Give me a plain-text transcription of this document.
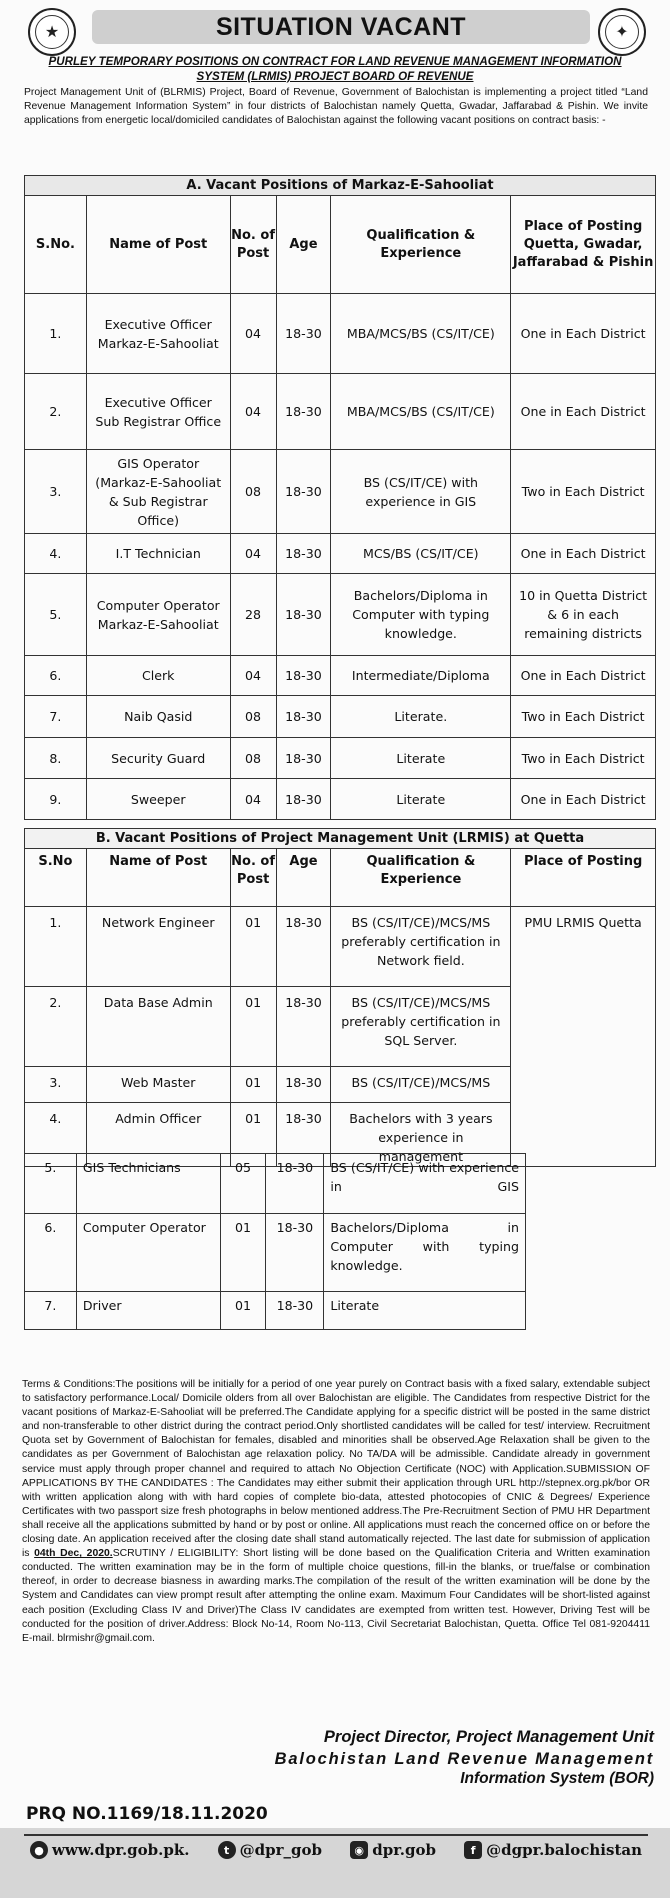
★	SITUATION VACANT	✦
PURLEY TEMPORARY POSITIONS ON CONTRACT FOR LAND REVENUE MANAGEMENT INFORMATION SYSTEM (LRMIS) PROJECT BOARD OF REVENUE
Project Management Unit of (BLRMIS) Project, Board of Revenue, Government of Balochistan is implementing a project titled “Land Revenue Management Information System” in four districts of Balochistan namely Quetta, Gwadar, Jaffarabad & Pishin. We invite applications from energetic local/domiciled candidates of Balochistan against the following vacant positions on contract basis: -
A. Vacant Positions of Markaz-E-Sahooliat					
S.No.	Name of Post	No. of Post	Age	Qualification & Experience	Place of Posting Quetta, Gwadar, Jaffarabad & Pishin
1.	Executive Officer Markaz-E-Sahooliat	04	18-30	MBA/MCS/BS (CS/IT/CE)	One in Each District
2.	Executive Officer Sub Registrar Office	04	18-30	MBA/MCS/BS (CS/IT/CE)	One in Each District
3.	GIS Operator (Markaz-E-Sahooliat & Sub Registrar Office)	08	18-30	BS (CS/IT/CE) with experience in GIS	Two in Each District
4.	I.T Technician	04	18-30	MCS/BS (CS/IT/CE)	One in Each District
5.	Computer Operator Markaz-E-Sahooliat	28	18-30	Bachelors/Diploma in Computer with typing knowledge.	10 in Quetta District & 6 in each remaining districts
6.	Clerk	04	18-30	Intermediate/Diploma	One in Each District
7.	Naib Qasid	08	18-30	Literate.	Two in Each District
8.	Security Guard	08	18-30	Literate	Two in Each District
9.	Sweeper	04	18-30	Literate	One in Each District
B. Vacant Positions of Project Management Unit (LRMIS) at Quetta					
S.No	Name of Post	No. of Post	Age	Qualification & Experience	Place of Posting
1.	Network Engineer	01	18-30	BS (CS/IT/CE)/MCS/MS preferably certification in Network field.	PMU LRMIS Quetta
2.	Data Base Admin	01	18-30	BS (CS/IT/CE)/MCS/MS preferably certification in SQL Server.	
3.	Web Master	01	18-30	BS (CS/IT/CE)/MCS/MS	
4.	Admin Officer	01	18-30	Bachelors with 3 years experience in management	
5.	GIS Technicians	05	18-30	BS (CS/IT/CE) with experience in GIS
6.	Computer Operator	01	18-30	Bachelors/Diploma in Computer with typing knowledge.
7.	Driver	01	18-30	Literate
Terms & Conditions:The positions will be initially for a period of one year purely on Contract basis with a fixed salary, extendable subject to satisfactory performance.Local/ Domicile olders from all over Balochistan are eligible. The Candidates from respective District for the vacant positions of Markaz-E-Sahooliat will be preferred.The Candidate applying for a specific district will be posted in the same district and non-transferable to other district during the contract period.Only shortlisted candidates will be called for test/ interview. Recruitment Quota set by Government of Balochistan for females, disabled and minorities shall be observed.Age Relaxation shall be given to the candidates as per Government of Balochistan age relaxation policy. No TA/DA will be admissible. Candidate already in government service must apply through proper channel and required to attach No Objection Certificate (NOC) with Application.SUBMISSION OF APPLICATIONS BY THE CANDIDATES : The Candidates may either submit their application through URL http://stepnex.org.pk/bor OR with written application along with with hard copies of complete bio-data, attested photocopies of CNIC & Degrees/ Experience Certificates with two passport size fresh photographs in below mentioned address.The Pre-Recruitment Section of PMU HR Department shall receive all the applications submitted by hand or by post or online. All applications must reach the concerned office on or before the closing date. An application received after the closing date shall stand automatically rejected. The last date for submission of application is 04th Dec, 2020.SCRUTINY / ELIGIBILITY: Short listing will be done based on the Qualification Criteria and Written examination conducted. The written examination may be in the form of multiple choice questions, fill-in the blanks, or true/false or combination thereof, in order to decrease biasness in awarding marks.The compilation of the result of the written examination will be done by the System and Candidates can view prompt result after attempting the online exam. Maximum Four Candidates will be short-listed against each position (Excluding Class IV and Driver)The Class IV candidates are exempted from written test. However, Driving Test will be conducted for the position of driver.Address: Block No-14, Room No-113, Civil Secretariat Balochistan, Quetta. Office Tel 081-9204411 E-mail. blrmishr@gmail.com.
Project Director, Project Management Unit
Balochistan Land Revenue Management
Information System (BOR)
PRQ NO.1169/18.11.2020
● www.dpr.gob.pk.	t @dpr_gob	◉ dpr.gob	f @dgpr.balochistan
